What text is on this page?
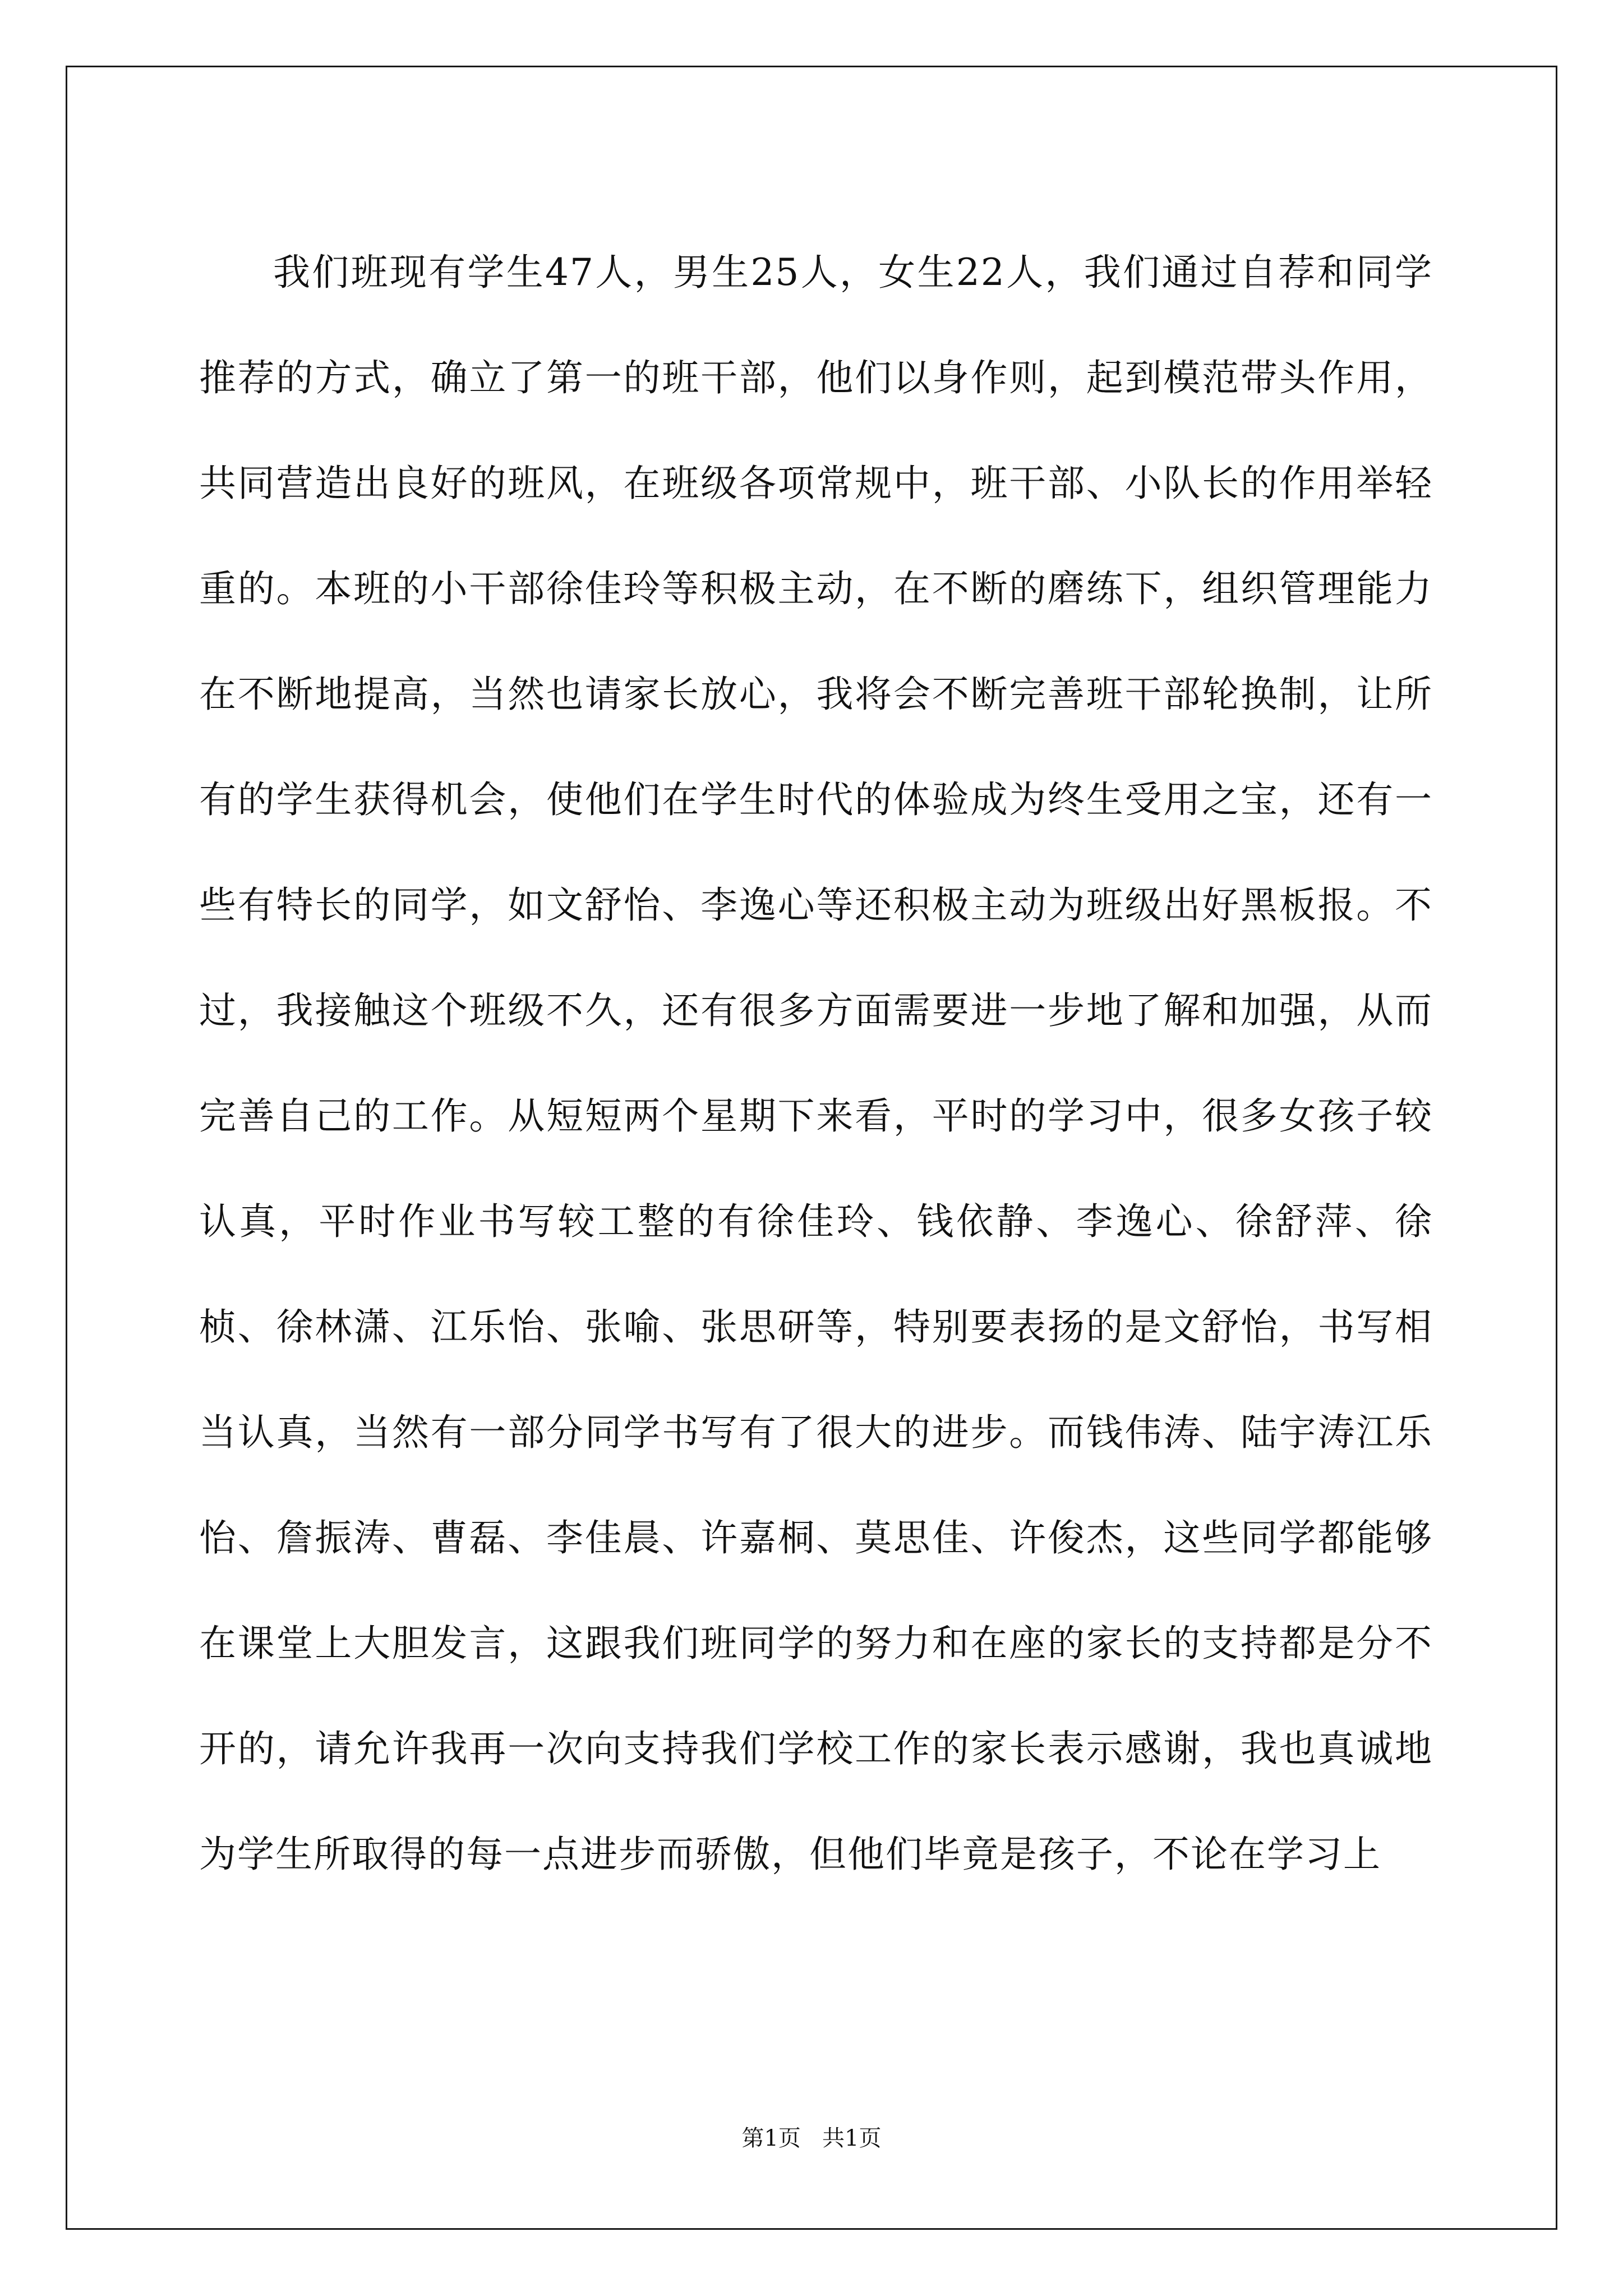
我们班现有学生47人，男生25人，女生22人，我们通过自荐和同学推荐的方式，确立了第一的班干部，他们以身作则，起到模范带头作用，共同营造出良好的班风，在班级各项常规中，班干部、小队长的作用举轻重的。本班的小干部徐佳玲等积极主动，在不断的磨练下，组织管理能力在不断地提高，当然也请家长放心，我将会不断完善班干部轮换制，让所有的学生获得机会，使他们在学生时代的体验成为终生受用之宝，还有一些有特长的同学，如文舒怡、李逸心等还积极主动为班级出好黑板报。不过，我接触这个班级不久，还有很多方面需要进一步地了解和加强，从而完善自己的工作。从短短两个星期下来看，平时的学习中，很多女孩子较认真，平时作业书写较工整的有徐佳玲、钱依静、李逸心、徐舒萍、徐桢、徐林潇、江乐怡、张喻、张思研等，特别要表扬的是文舒怡，书写相当认真，当然有一部分同学书写有了很大的进步。而钱伟涛、陆宇涛江乐怡、詹振涛、曹磊、李佳晨、许嘉桐、莫思佳、许俊杰，这些同学都能够在课堂上大胆发言，这跟我们班同学的努力和在座的家长的支持都是分不开的，请允许我再一次向支持我们学校工作的家长表示感谢，我也真诚地为学生所取得的每一点进步而骄傲，但他们毕竟是孩子，不论在学习上

第1页   共1页
